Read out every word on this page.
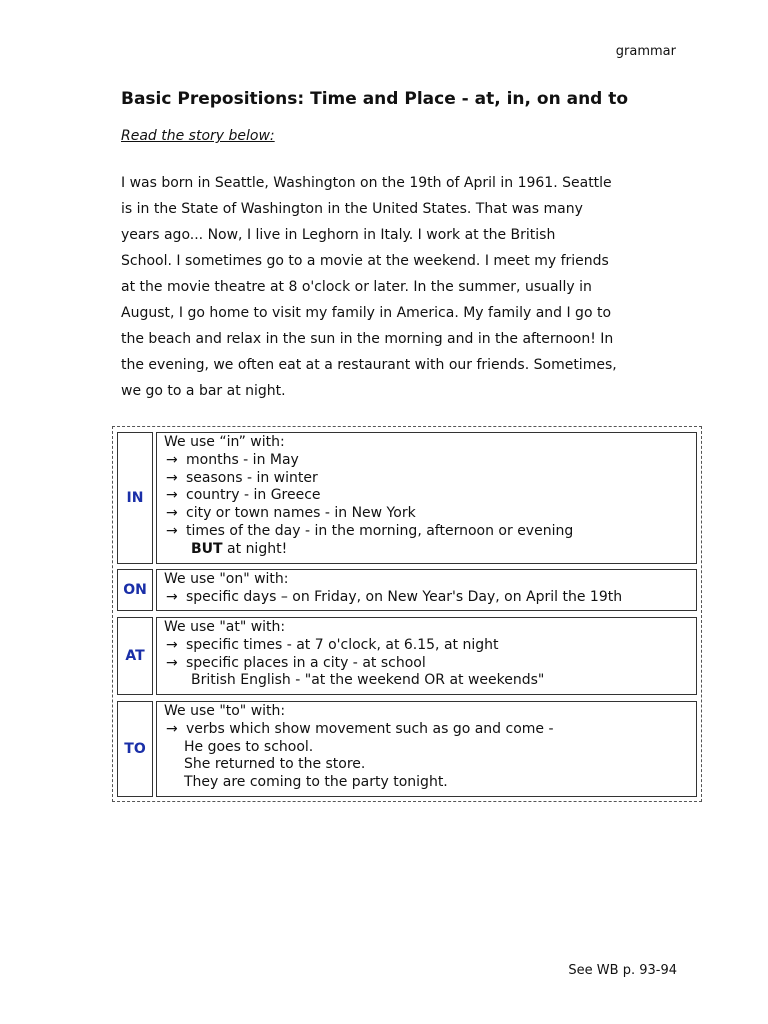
grammar
Basic Prepositions: Time and Place - at, in, on and to
Read the story below:

I was born in Seattle, Washington on the 19th of April in 1961. Seattle

is in the State of Washington in the United States. That was many

years ago... Now, I live in Leghorn in Italy. I work at the British

School. I sometimes go to a movie at the weekend. I meet my friends

at the movie theatre at 8 o'clock or later. In the summer, usually in

August, I go home to visit my family in America. My family and I go to

the beach and relax in the sun in the morning and in the afternoon! In

the evening, we often eat at a restaurant with our friends. Sometimes,

we go to a bar at night.

IN
We use “in” with:
→ months - in May
→ seasons - in winter
→ country - in Greece
→ city or town names - in New York
→ times of the day - in the morning, afternoon or evening
BUT at night!
ON
We use "on" with:
→ specific days – on Friday, on New Year's Day, on April the 19th
AT
We use "at" with:
→ specific times - at 7 o'clock, at 6.15, at night
→ specific places in a city - at school
British English - "at the weekend OR at weekends"
TO
We use "to" with:
→ verbs which show movement such as go and come -
He goes to school.
She returned to the store.
They are coming to the party tonight.
See WB p. 93-94
